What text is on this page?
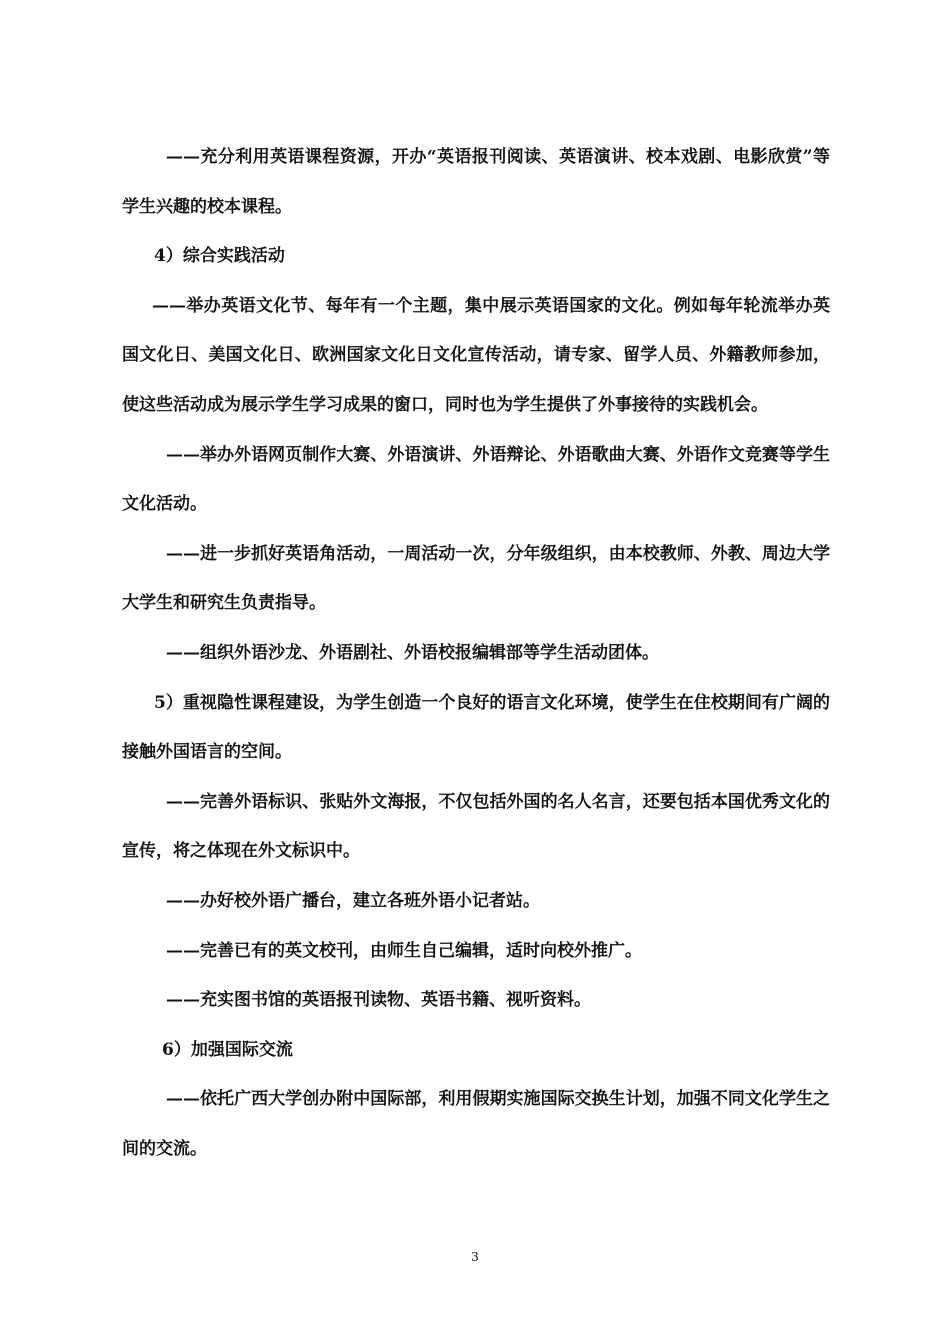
——充分利用英语课程资源，开办“英语报刊阅读、英语演讲、校本戏剧、电影欣赏”等学生兴趣的校本课程。

4）综合实践活动

——举办英语文化节、每年有一个主题，集中展示英语国家的文化。例如每年轮流举办英国文化日、美国文化日、欧洲国家文化日文化宣传活动，请专家、留学人员、外籍教师参加，使这些活动成为展示学生学习成果的窗口，同时也为学生提供了外事接待的实践机会。

——举办外语网页制作大赛、外语演讲、外语辩论、外语歌曲大赛、外语作文竞赛等学生文化活动。

——进一步抓好英语角活动，一周活动一次，分年级组织，由本校教师、外教、周边大学大学生和研究生负责指导。

——组织外语沙龙、外语剧社、外语校报编辑部等学生活动团体。

5）重视隐性课程建设，为学生创造一个良好的语言文化环境，使学生在住校期间有广阔的接触外国语言的空间。

——完善外语标识、张贴外文海报，不仅包括外国的名人名言，还要包括本国优秀文化的宣传，将之体现在外文标识中。

——办好校外语广播台，建立各班外语小记者站。

——完善已有的英文校刊，由师生自己编辑，适时向校外推广。

——充实图书馆的英语报刊读物、英语书籍、视听资料。

6）加强国际交流

——依托广西大学创办附中国际部，利用假期实施国际交换生计划，加强不同文化学生之间的交流。

3
